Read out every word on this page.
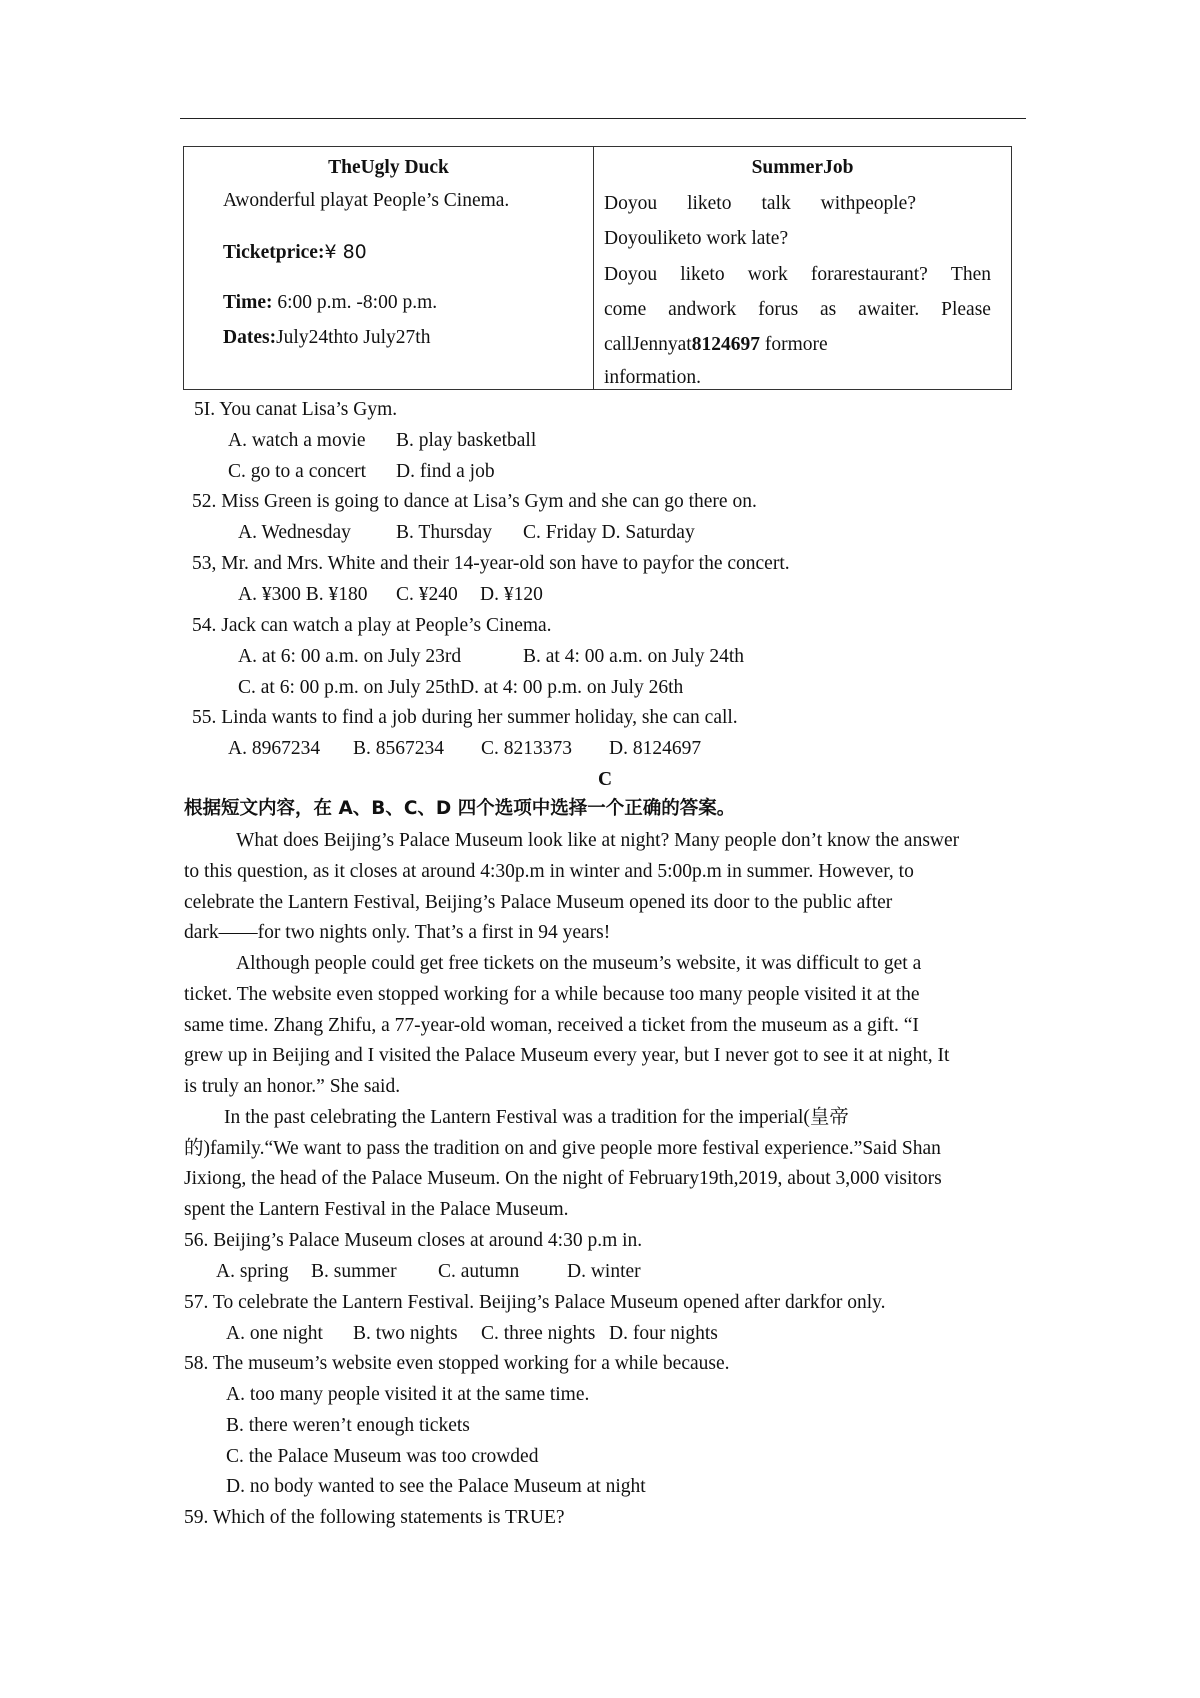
TheUgly Duck
Awonderful playat People’s Cinema.
Ticketprice:¥ 80
Time: 6:00 p.m. -8:00 p.m.
Dates:July24thto July27th
SummerJob
Doyou liketo talk withpeople?
Doyouliketo work late?
Doyou liketo work forarestaurant? Then
come andwork forus as awaiter. Please
callJennyat8124697 formore
information.
5I. You canat Lisa’s Gym.
A. watch a movie B. play basketball
C. go to a concert D. find a job
52. Miss Green is going to dance at Lisa’s Gym and she can go there on.
A. Wednesday B. Thursday C. Friday D. Saturday
53, Mr. and Mrs. White and their 14-year-old son have to payfor the concert.
A. ¥300 B. ¥180 C. ¥240 D. ¥120
54. Jack can watch a play at People’s Cinema.
A. at 6: 00 a.m. on July 23rd	B. at 4: 00 a.m. on July 24th
C. at 6: 00 p.m. on July 25thD. at 4: 00 p.m. on July 26th
55. Linda wants to find a job during her summer holiday, she can call.
A. 8967234 B. 8567234 C. 8213373 D. 8124697
C
根据短文内容，在 A、B、C、D 四个选项中选择一个正确的答案。
What does Beijing’s Palace Museum look like at night? Many people don’t know the answer
to this question, as it closes at around 4:30p.m in winter and 5:00p.m in summer. However, to
celebrate the Lantern Festival, Beijing’s Palace Museum opened its door to the public after
dark——for two nights only. That’s a first in 94 years!
Although people could get free tickets on the museum’s website, it was difficult to get a
ticket. The website even stopped working for a while because too many people visited it at the
same time. Zhang Zhifu, a 77-year-old woman, received a ticket from the museum as a gift. “I
grew up in Beijing and I visited the Palace Museum every year, but I never got to see it at night, It
is truly an honor.” She said.
In the past celebrating the Lantern Festival was a tradition for the imperial(皇帝
的)family.“We want to pass the tradition on and give people more festival experience.”Said Shan
Jixiong, the head of the Palace Museum. On the night of February19th,2019, about 3,000 visitors
spent the Lantern Festival in the Palace Museum.
56. Beijing’s Palace Museum closes at around 4:30 p.m in.
A. spring B. summer C. autumn D. winter
57. To celebrate the Lantern Festival. Beijing’s Palace Museum opened after darkfor only.
A. one night B. two nights C. three nights D. four nights
58. The museum’s website even stopped working for a while because.
A. too many people visited it at the same time.
B. there weren’t enough tickets
C. the Palace Museum was too crowded
D. no body wanted to see the Palace Museum at night
59. Which of the following statements is TRUE?
